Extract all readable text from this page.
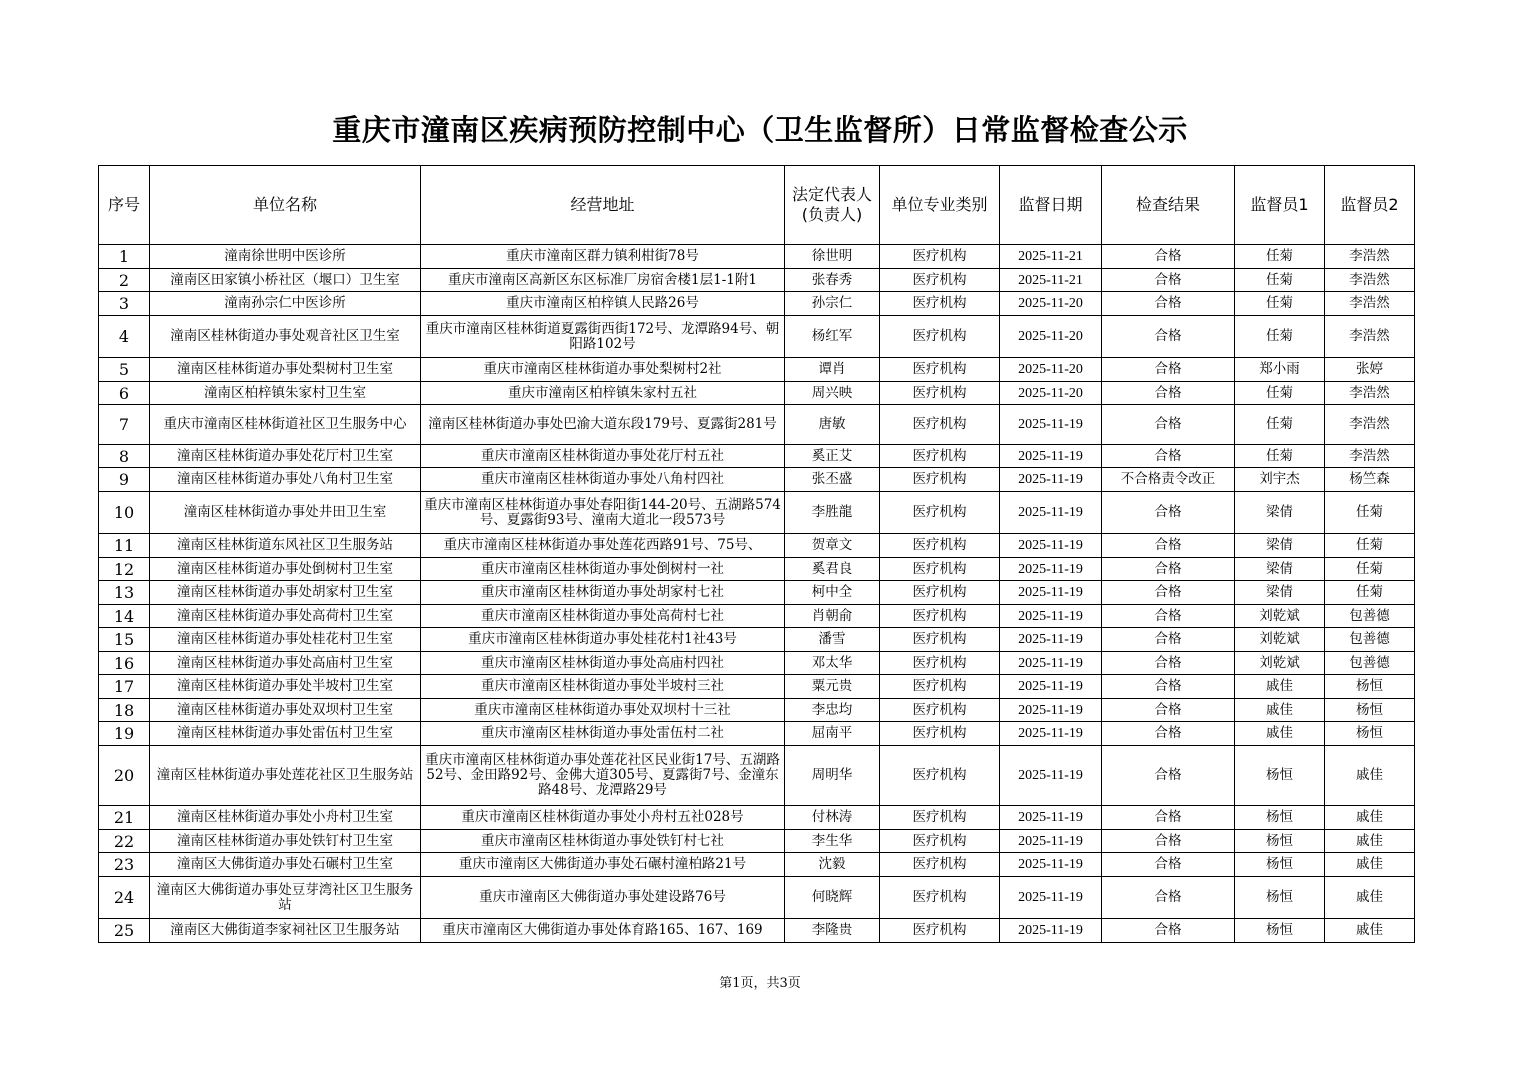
重庆市潼南区疾病预防控制中心（卫生监督所）日常监督检查公示
序号	单位名称	经营地址	法定代表人(负责人)	单位专业类别	监督日期	检查结果	监督员1	监督员2
1	潼南徐世明中医诊所	重庆市潼南区群力镇利柑街78号	徐世明	医疗机构	2025-11-21	合格	任菊	李浩然
2	潼南区田家镇小桥社区（堰口）卫生室	重庆市潼南区高新区东区标准厂房宿舍楼1层1-1附1	张春秀	医疗机构	2025-11-21	合格	任菊	李浩然
3	潼南孙宗仁中医诊所	重庆市潼南区柏梓镇人民路26号	孙宗仁	医疗机构	2025-11-20	合格	任菊	李浩然
4	潼南区桂林街道办事处观音社区卫生室	重庆市潼南区桂林街道夏露街西街172号、龙潭路94号、朝阳路102号	杨红军	医疗机构	2025-11-20	合格	任菊	李浩然
5	潼南区桂林街道办事处梨树村卫生室	重庆市潼南区桂林街道办事处梨树村2社	谭肖	医疗机构	2025-11-20	合格	郑小雨	张婷
6	潼南区柏梓镇朱家村卫生室	重庆市潼南区柏梓镇朱家村五社	周兴映	医疗机构	2025-11-20	合格	任菊	李浩然
7	重庆市潼南区桂林街道社区卫生服务中心	潼南区桂林街道办事处巴渝大道东段179号、夏露街281号	唐敏	医疗机构	2025-11-19	合格	任菊	李浩然
8	潼南区桂林街道办事处花厅村卫生室	重庆市潼南区桂林街道办事处花厅村五社	奚正艾	医疗机构	2025-11-19	合格	任菊	李浩然
9	潼南区桂林街道办事处八角村卫生室	重庆市潼南区桂林街道办事处八角村四社	张丕盛	医疗机构	2025-11-19	不合格责令改正	刘宇杰	杨竺森
10	潼南区桂林街道办事处井田卫生室	重庆市潼南区桂林街道办事处春阳街144-20号、五湖路574号、夏露街93号、潼南大道北一段573号	李胜龍	医疗机构	2025-11-19	合格	梁倩	任菊
11	潼南区桂林街道东风社区卫生服务站	重庆市潼南区桂林街道办事处莲花西路91号、75号、	贺章文	医疗机构	2025-11-19	合格	梁倩	任菊
12	潼南区桂林街道办事处倒树村卫生室	重庆市潼南区桂林街道办事处倒树村一社	奚君良	医疗机构	2025-11-19	合格	梁倩	任菊
13	潼南区桂林街道办事处胡家村卫生室	重庆市潼南区桂林街道办事处胡家村七社	柯中全	医疗机构	2025-11-19	合格	梁倩	任菊
14	潼南区桂林街道办事处高荷村卫生室	重庆市潼南区桂林街道办事处高荷村七社	肖朝俞	医疗机构	2025-11-19	合格	刘乾斌	包善德
15	潼南区桂林街道办事处桂花村卫生室	重庆市潼南区桂林街道办事处桂花村1社43号	潘雪	医疗机构	2025-11-19	合格	刘乾斌	包善德
16	潼南区桂林街道办事处高庙村卫生室	重庆市潼南区桂林街道办事处高庙村四社	邓太华	医疗机构	2025-11-19	合格	刘乾斌	包善德
17	潼南区桂林街道办事处半坡村卫生室	重庆市潼南区桂林街道办事处半坡村三社	粟元贵	医疗机构	2025-11-19	合格	戚佳	杨恒
18	潼南区桂林街道办事处双坝村卫生室	重庆市潼南区桂林街道办事处双坝村十三社	李忠均	医疗机构	2025-11-19	合格	戚佳	杨恒
19	潼南区桂林街道办事处雷伍村卫生室	重庆市潼南区桂林街道办事处雷伍村二社	屈南平	医疗机构	2025-11-19	合格	戚佳	杨恒
20	潼南区桂林街道办事处莲花社区卫生服务站	重庆市潼南区桂林街道办事处莲花社区民业街17号、五湖路52号、金田路92号、金佛大道305号、夏露街7号、金潼东路48号、龙潭路29号	周明华	医疗机构	2025-11-19	合格	杨恒	戚佳
21	潼南区桂林街道办事处小舟村卫生室	重庆市潼南区桂林街道办事处小舟村五社028号	付林涛	医疗机构	2025-11-19	合格	杨恒	戚佳
22	潼南区桂林街道办事处铁钉村卫生室	重庆市潼南区桂林街道办事处铁钉村七社	李生华	医疗机构	2025-11-19	合格	杨恒	戚佳
23	潼南区大佛街道办事处石碾村卫生室	重庆市潼南区大佛街道办事处石碾村潼柏路21号	沈毅	医疗机构	2025-11-19	合格	杨恒	戚佳
24	潼南区大佛街道办事处豆芽湾社区卫生服务站	重庆市潼南区大佛街道办事处建设路76号	何晓辉	医疗机构	2025-11-19	合格	杨恒	戚佳
25	潼南区大佛街道李家祠社区卫生服务站	重庆市潼南区大佛街道办事处体育路165、167、169	李隆贵	医疗机构	2025-11-19	合格	杨恒	戚佳
第1页，共3页
